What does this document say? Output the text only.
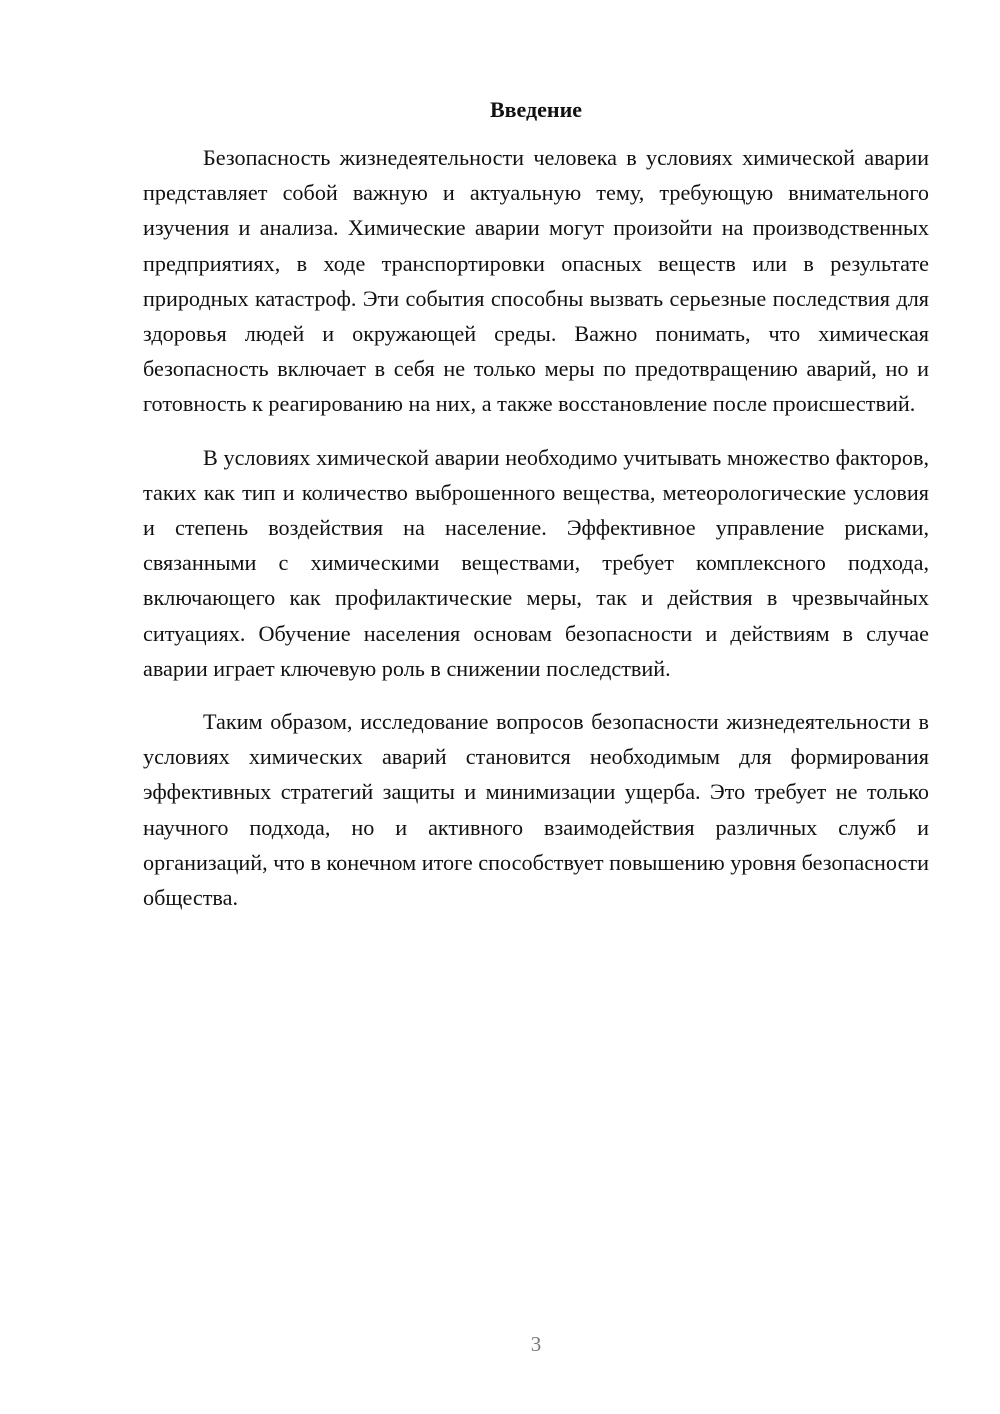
Введение

Безопасность жизнедеятельности человека в условиях химической аварии представляет собой важную и актуальную тему, требующую внимательного изучения и анализа. Химические аварии могут произойти на производственных предприятиях, в ходе транспортировки опасных веществ или в результате природных катастроф. Эти события способны вызвать серьезные последствия для здоровья людей и окружающей среды. Важно понимать, что химическая безопасность включает в себя не только меры по предотвращению аварий, но и готовность к реагированию на них, а также восстановление после происшествий.

В условиях химической аварии необходимо учитывать множество факторов, таких как тип и количество выброшенного вещества, метеорологические условия и степень воздействия на население. Эффективное управление рисками, связанными с химическими веществами, требует комплексного подхода, включающего как профилактические меры, так и действия в чрезвычайных ситуациях. Обучение населения основам безопасности и действиям в случае аварии играет ключевую роль в снижении последствий.

Таким образом, исследование вопросов безопасности жизнедеятельности в условиях химических аварий становится необходимым для формирования эффективных стратегий защиты и минимизации ущерба. Это требует не только научного подхода, но и активного взаимодействия различных служб и организаций, что в конечном итоге способствует повышению уровня безопасности общества.

3
